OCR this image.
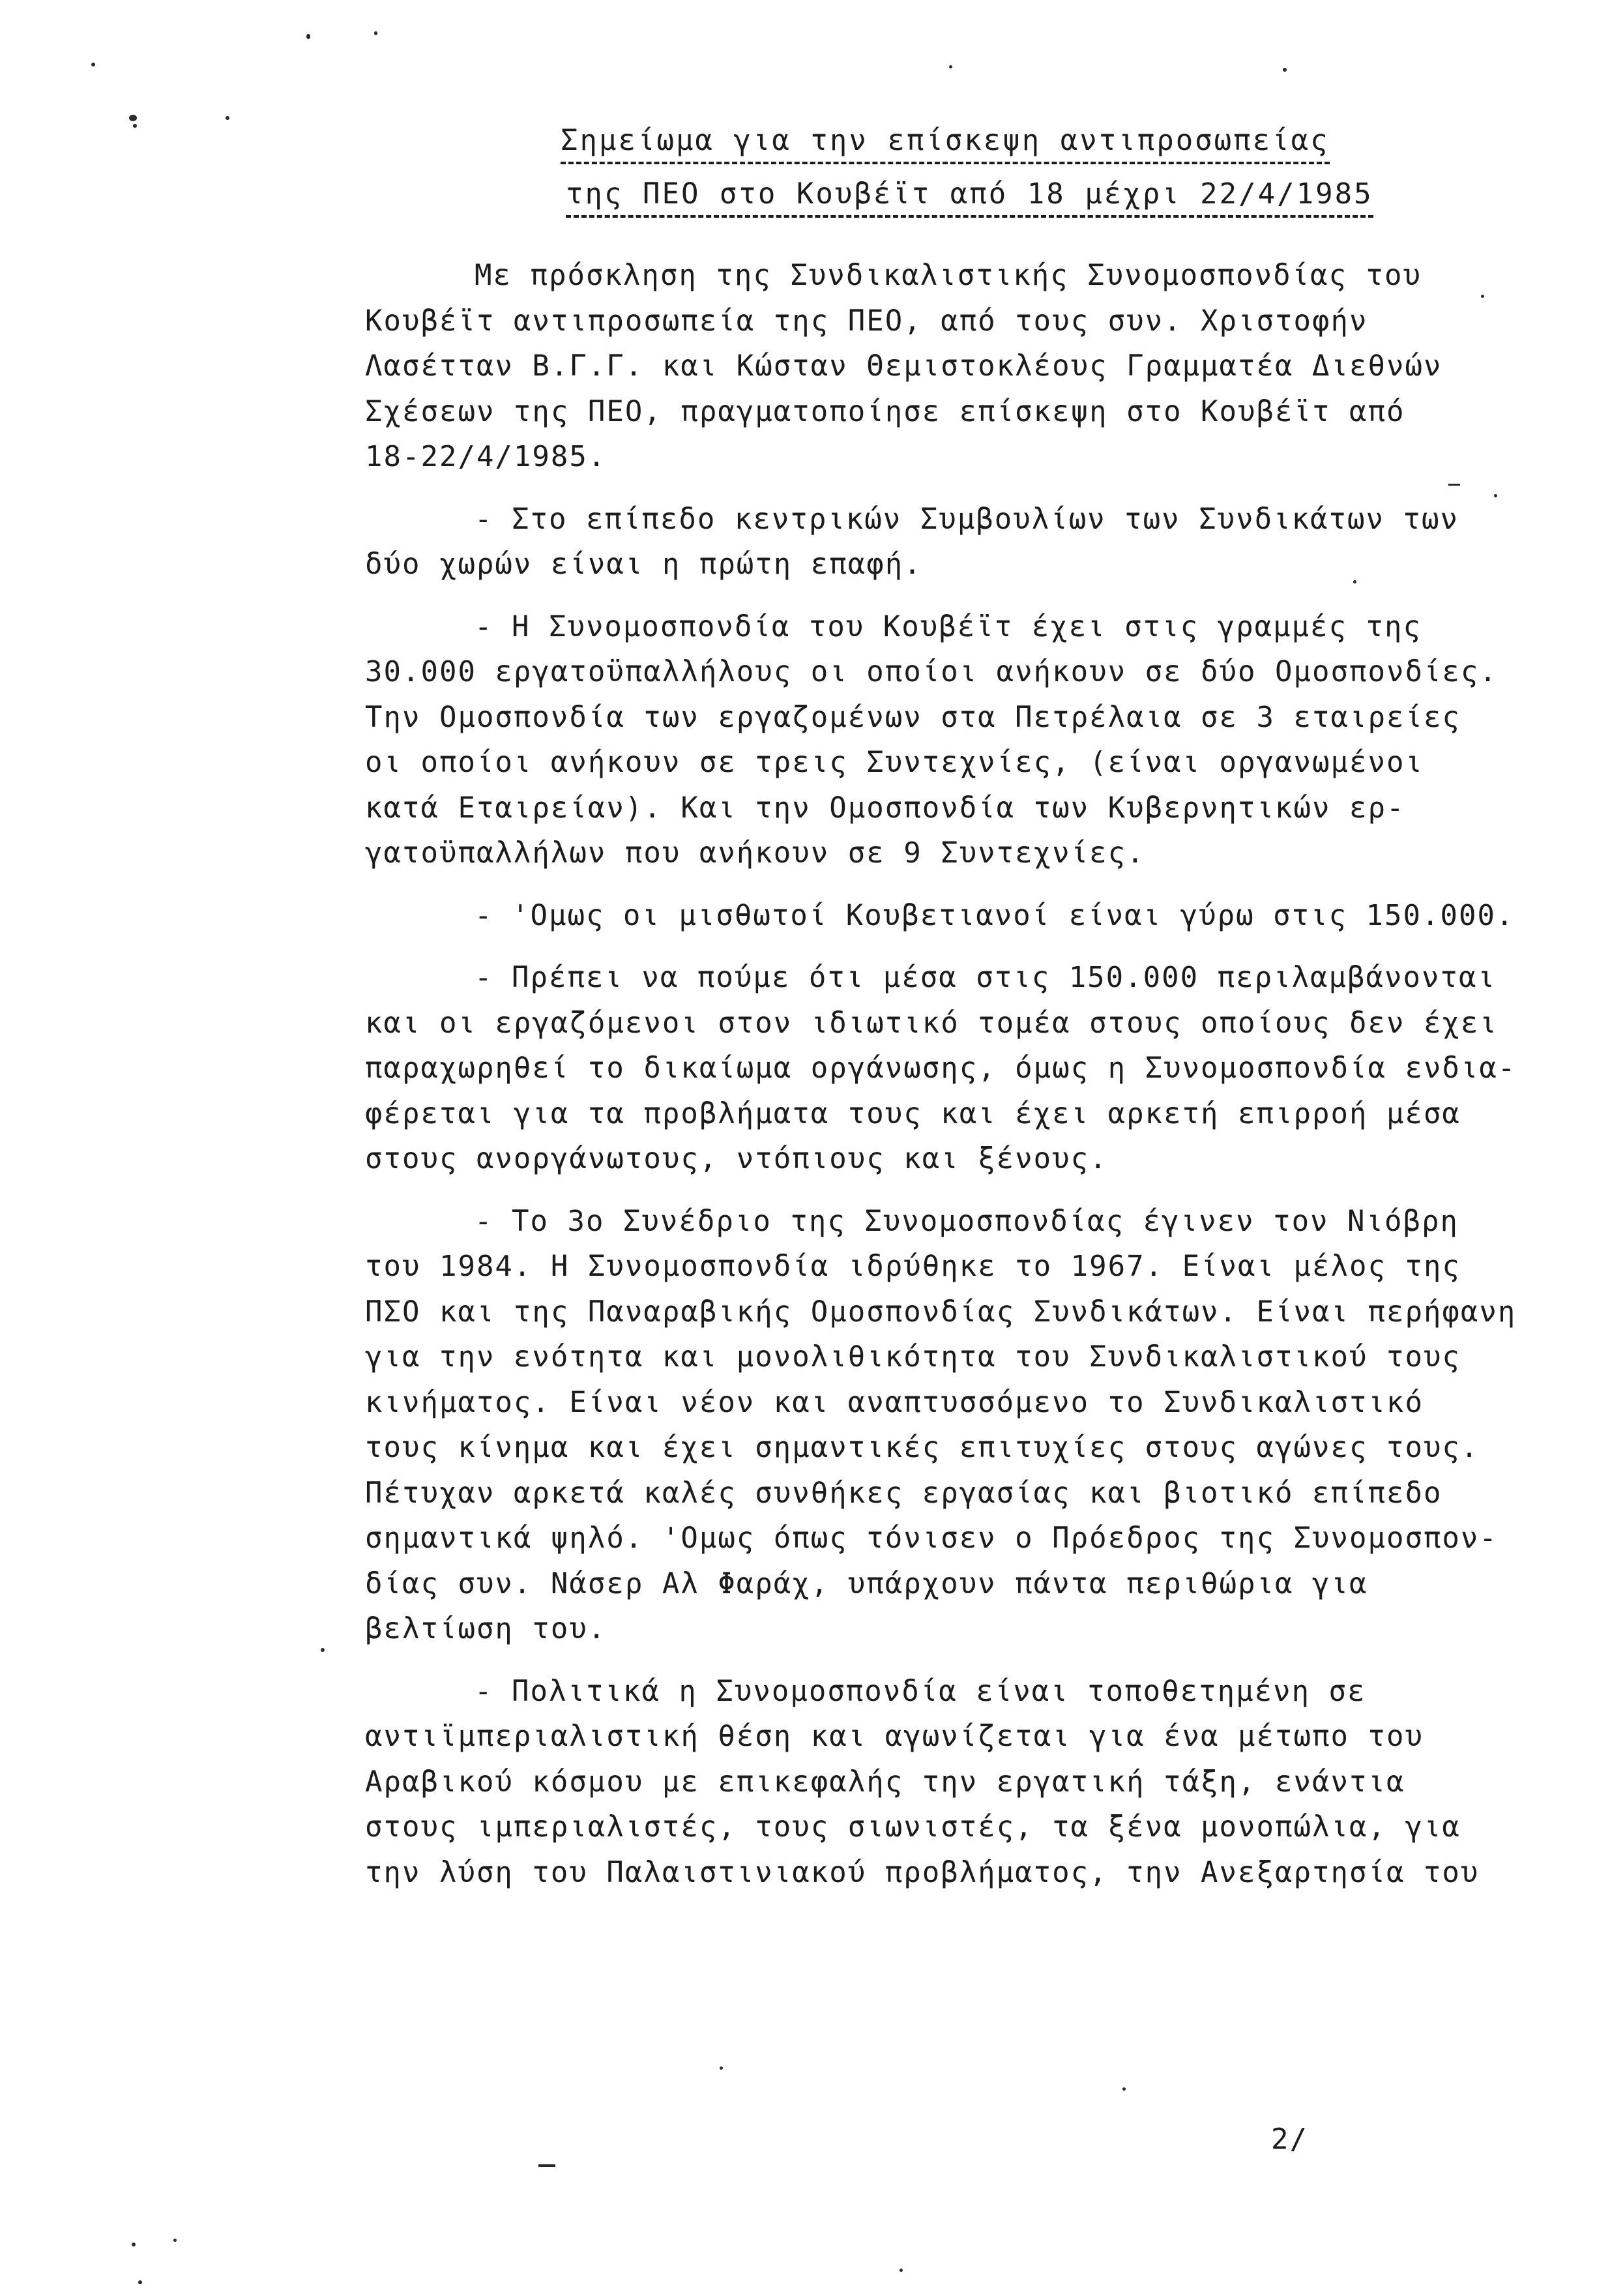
Σημείωμα για την επίσκεψη αντιπροσωπείας
της ΠΕΟ στο Κουβέϊτ από 18 μέχρι 22/4/1985
Με πρόσκληση της Συνδικαλιστικής Συνομοσπονδίας του
Κουβέϊτ αντιπροσωπεία της ΠΕΟ, από τους συν. Χριστοφήν
Λασέτταν Β.Γ.Γ. και Κώσταν Θεμιστοκλέους Γραμματέα Διεθνών
Σχέσεων της ΠΕΟ, πραγματοποίησε επίσκεψη στο Κουβέϊτ από
18-22/4/1985.
- Στο επίπεδο κεντρικών Συμβουλίων των Συνδικάτων των
δύο χωρών είναι η πρώτη επαφή.
- Η Συνομοσπονδία του Κουβέϊτ έχει στις γραμμές της
30.000 εργατοϋπαλλήλους οι οποίοι ανήκουν σε δύο Ομοσπονδίες.
Την Ομοσπονδία των εργαζομένων στα Πετρέλαια σε 3 εταιρείες
οι οποίοι ανήκουν σε τρεις Συντεχνίες, (είναι οργανωμένοι
κατά Εταιρείαν). Και την Ομοσπονδία των Κυβερνητικών ερ-
γατοϋπαλλήλων που ανήκουν σε 9 Συντεχνίες.
- 'Ομως οι μισθωτοί Κουβετιανοί είναι γύρω στις 150.000.
- Πρέπει να πούμε ότι μέσα στις 150.000 περιλαμβάνονται
και οι εργαζόμενοι στον ιδιωτικό τομέα στους οποίους δεν έχει
παραχωρηθεί το δικαίωμα οργάνωσης, όμως η Συνομοσπονδία ενδια-
φέρεται για τα προβλήματα τους και έχει αρκετή επιρροή μέσα
στους ανοργάνωτους, ντόπιους και ξένους.
- Το 3ο Συνέδριο της Συνομοσπονδίας έγινεν τον Νιόβρη
του 1984. Η Συνομοσπονδία ιδρύθηκε το 1967. Είναι μέλος της
ΠΣΟ και της Παναραβικής Ομοσπονδίας Συνδικάτων. Είναι περήφανη
για την ενότητα και μονολιθικότητα του Συνδικαλιστικού τους
κινήματος. Είναι νέον και αναπτυσσόμενο το Συνδικαλιστικό
τους κίνημα και έχει σημαντικές επιτυχίες στους αγώνες τους.
Πέτυχαν αρκετά καλές συνθήκες εργασίας και βιοτικό επίπεδο
σημαντικά ψηλό. 'Ομως όπως τόνισεν ο Πρόεδρος της Συνομοσπον-
δίας συν. Νάσερ Αλ Φαράχ, υπάρχουν πάντα περιθώρια για
βελτίωση του.
- Πολιτικά η Συνομοσπονδία είναι τοποθετημένη σε
αντιϊμπεριαλιστική θέση και αγωνίζεται για ένα μέτωπο του
Αραβικού κόσμου με επικεφαλής την εργατική τάξη, ενάντια
στους ιμπεριαλιστές, τους σιωνιστές, τα ξένα μονοπώλια, για
την λύση του Παλαιστινιακού προβλήματος, την Ανεξαρτησία του
2/
